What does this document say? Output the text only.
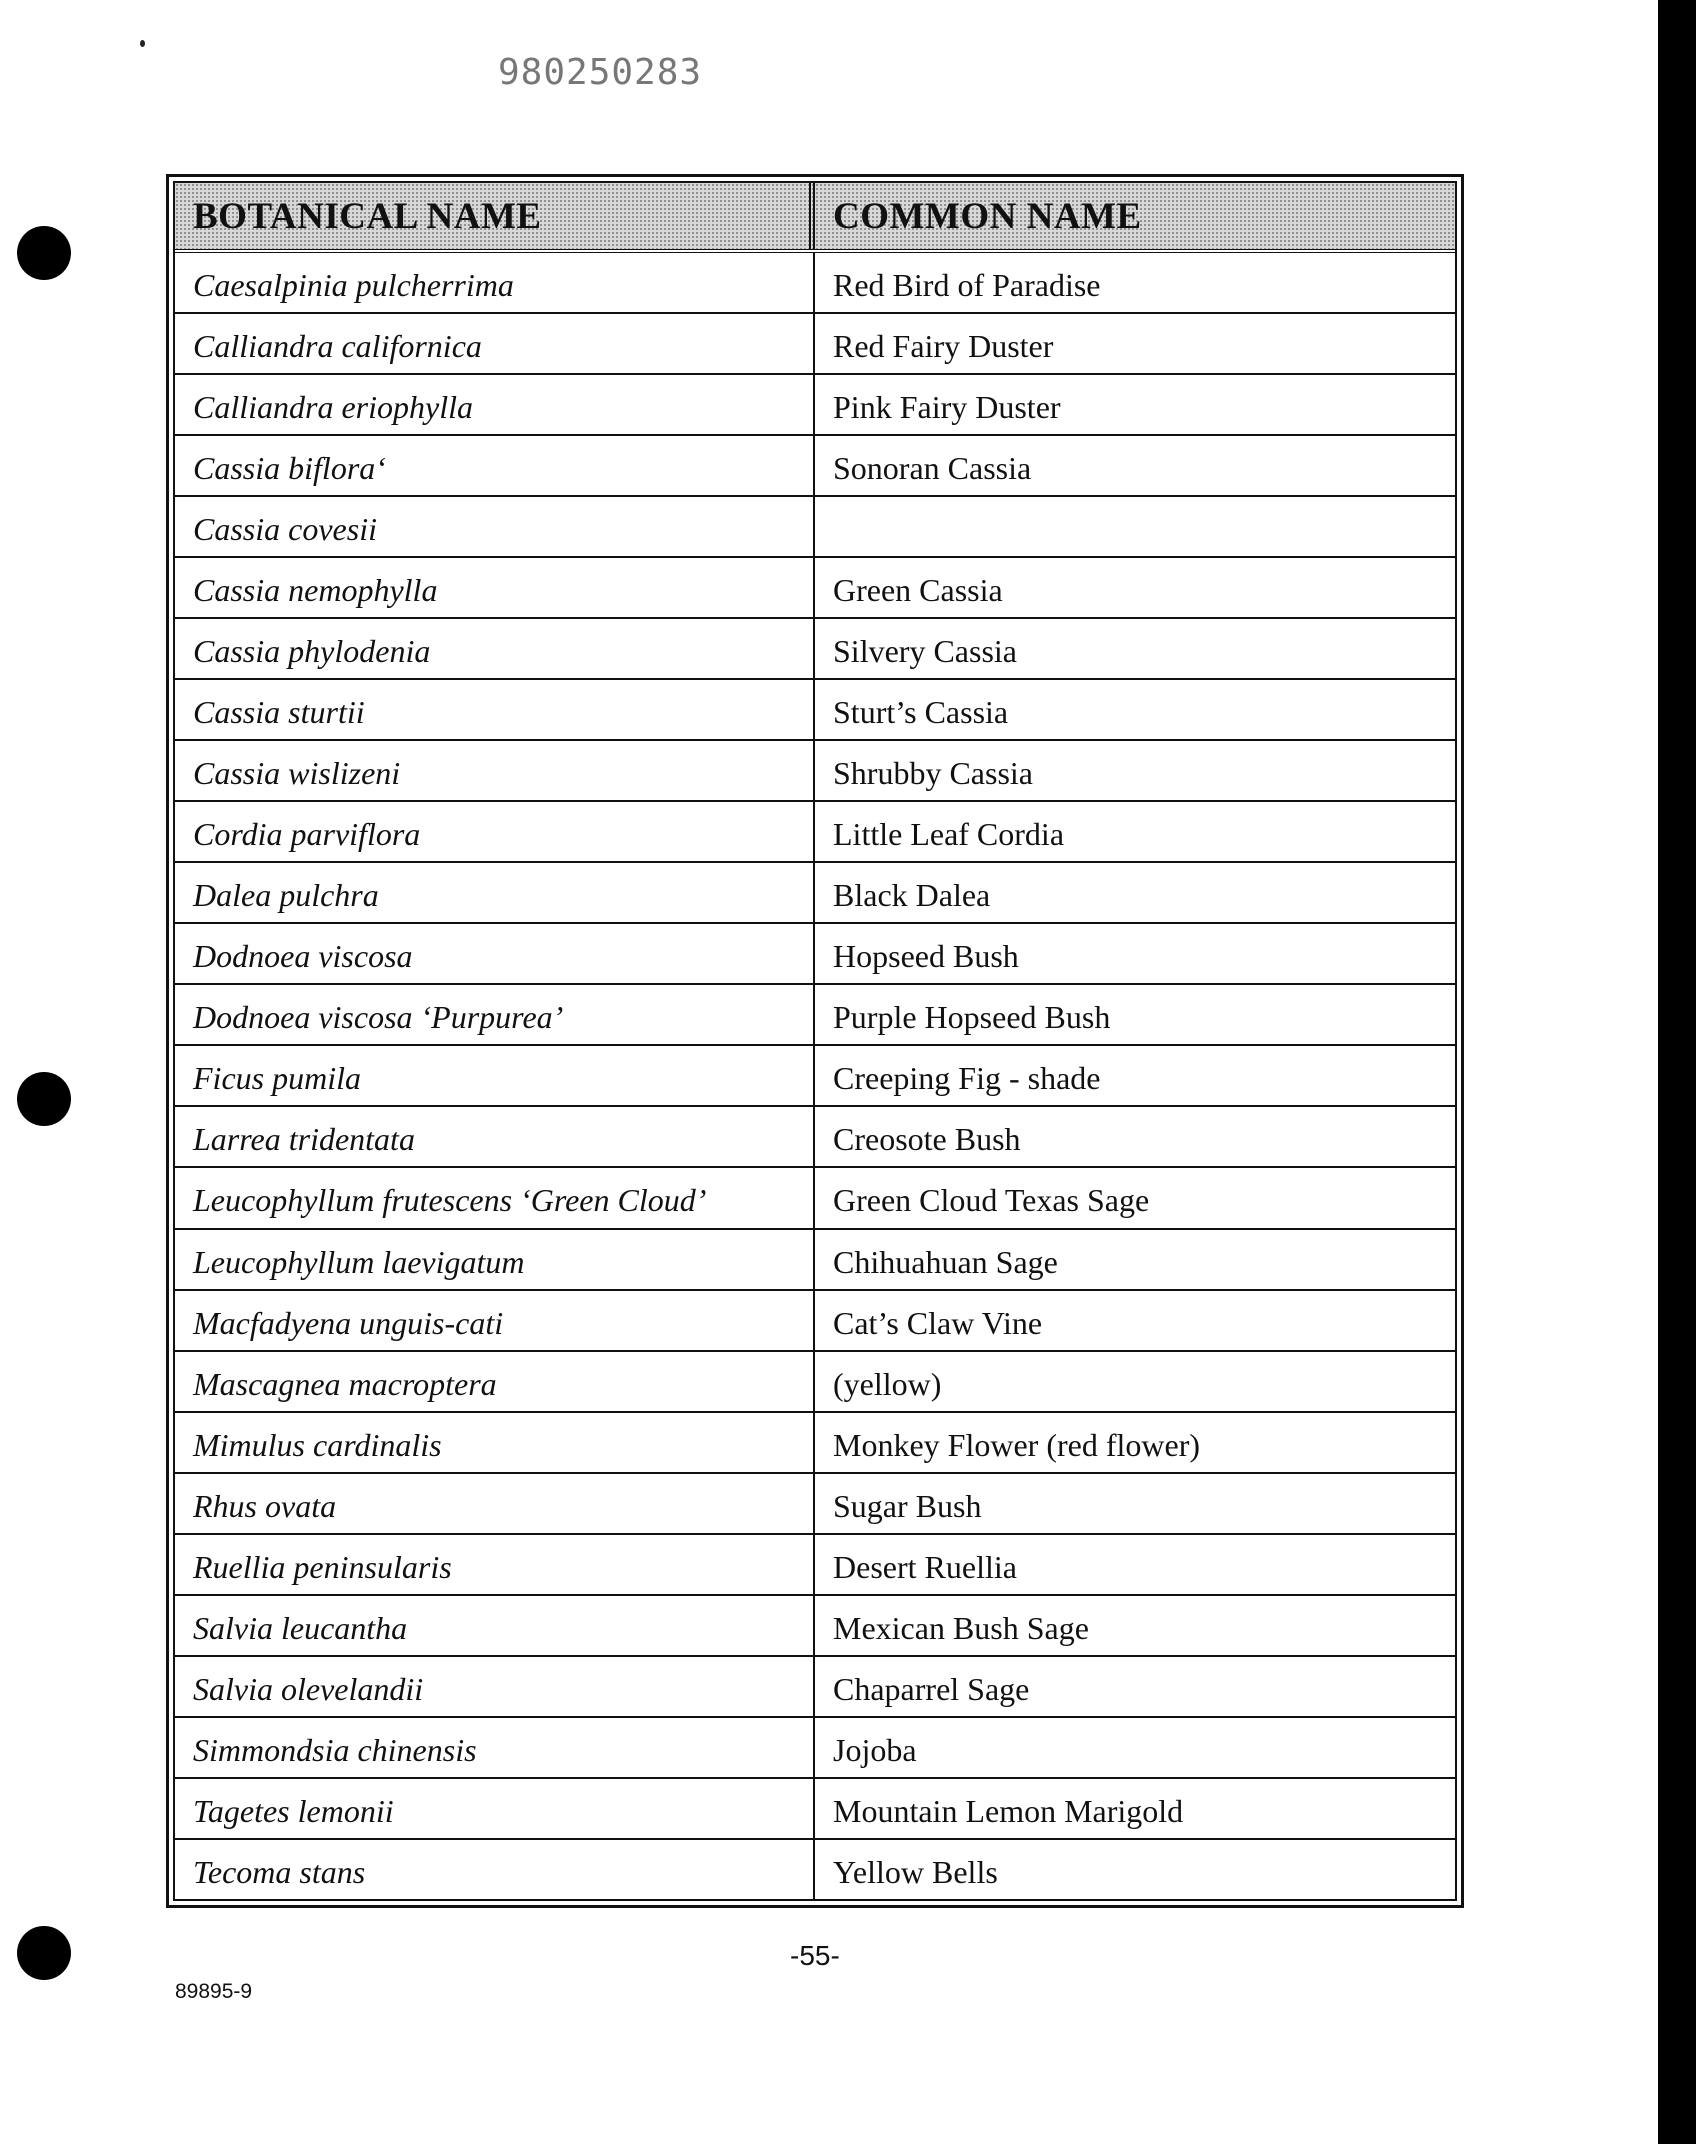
980250283
BOTANICAL NAME	COMMON NAME
Caesalpinia pulcherrima	Red Bird of Paradise
Calliandra californica	Red Fairy Duster
Calliandra eriophylla	Pink Fairy Duster
Cassia biflora‘	Sonoran Cassia
Cassia covesii
Cassia nemophylla	Green Cassia
Cassia phylodenia	Silvery Cassia
Cassia sturtii	Sturt’s Cassia
Cassia wislizeni	Shrubby Cassia
Cordia parviflora	Little Leaf Cordia
Dalea pulchra	Black Dalea
Dodnoea viscosa	Hopseed Bush
Dodnoea viscosa ‘Purpurea’	Purple Hopseed Bush
Ficus pumila	Creeping Fig - shade
Larrea tridentata	Creosote Bush
Leucophyllum frutescens ‘Green Cloud’	Green Cloud Texas Sage
Leucophyllum laevigatum	Chihuahuan Sage
Macfadyena unguis-cati	Cat’s Claw Vine
Mascagnea macroptera	(yellow)
Mimulus cardinalis	Monkey Flower (red flower)
Rhus ovata	Sugar Bush
Ruellia peninsularis	Desert Ruellia
Salvia leucantha	Mexican Bush Sage
Salvia olevelandii	Chaparrel Sage
Simmondsia chinensis	Jojoba
Tagetes lemonii	Mountain Lemon Marigold
Tecoma stans	Yellow Bells
-55-
89895-9
